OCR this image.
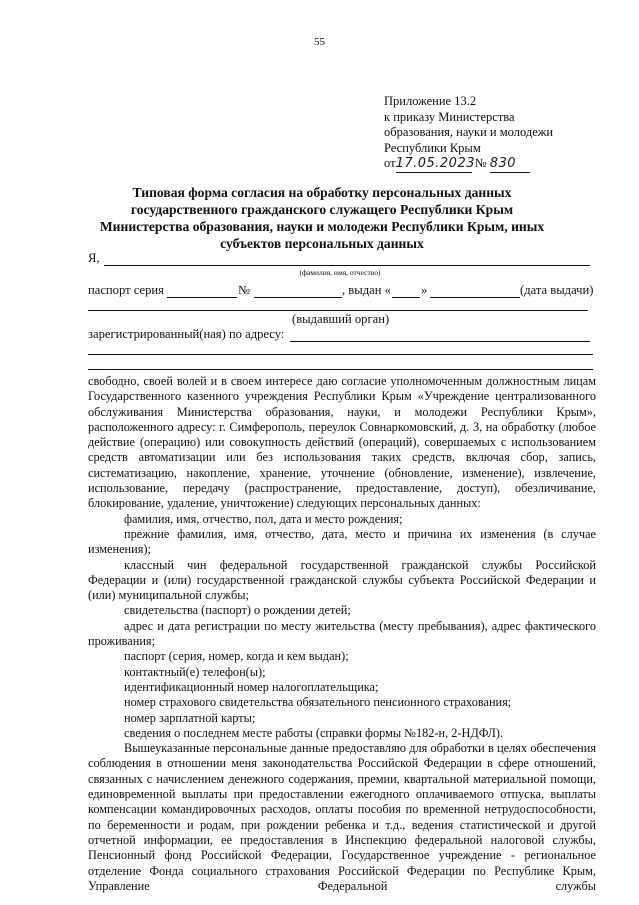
55
Приложение 13.2
к приказу Министерства
образования, науки и молодежи
Республики Крым
от17.05.2023 № 830
Типовая форма согласия на обработку персональных данных
государственного гражданского служащего Республики Крым
Министерства образования, науки и молодежи Республики Крым, иных
субъектов персональных данных
Я,
(фамилия, имя, отчество)
паспорт серия	№	, выдан « »	(дата выдачи)
(выдавший орган)
зарегистрированный(ная) по адресу:

свободно, своей волей и в своем интересе даю согласие уполномоченным должностным лицам Государственного казенного учреждения Республики Крым «Учреждение централизованного обслуживания Министерства образования, науки, и молодежи Республики Крым», расположенного адресу: г. Симферополь, переулок Совнаркомовский, д. 3, на обработку (любое действие (операцию) или совокупность действий (операций), совершаемых с использованием средств автоматизации или без использования таких средств, включая сбор, запись, систематизацию, накопление, хранение, уточнение (обновление, изменение), извлечение, использование, передачу (распространение, предоставление, доступ), обезличивание, блокирование, удаление, уничтожение) следующих персональных данных:

фамилия, имя, отчество, пол, дата и место рождения;

прежние фамилия, имя, отчество, дата, место и причина их изменения (в случае изменения);

классный чин федеральной государственной гражданской службы Российской Федерации и (или) государственной гражданской службы субъекта Российской Федерации и (или) муниципальной службы;

свидетельства (паспорт) о рождении детей;

адрес и дата регистрации по месту жительства (месту пребывания), адрес фактического проживания;

паспорт (серия, номер, когда и кем выдан);

контактный(е) телефон(ы);

идентификационный номер налогоплательщика;

номер страхового свидетельства обязательного пенсионного страхования;

номер зарплатной карты;

сведения о последнем месте работы (справки формы №182-н, 2-НДФЛ).

Вышеуказанные персональные данные предоставляю для обработки в целях обеспечения соблюдения в отношении меня законодательства Российской Федерации в сфере отношений, связанных с начислением денежного содержания, премии, квартальной материальной помощи, единовременной выплаты при предоставлении ежегодного оплачиваемого отпуска, выплаты компенсации командировочных расходов, оплаты пособия по временной нетрудоспособности, по беременности и родам, при рождении ребенка и т.д., ведения статистической и другой отчетной информации, ее предоставления в Инспекцию федеральной налоговой службы, Пенсионный фонд Российской Федерации, Государственное учреждение - региональное отделение Фонда социального страхования Российской Федерации по Республике Крым, Управление Федеральной службы
